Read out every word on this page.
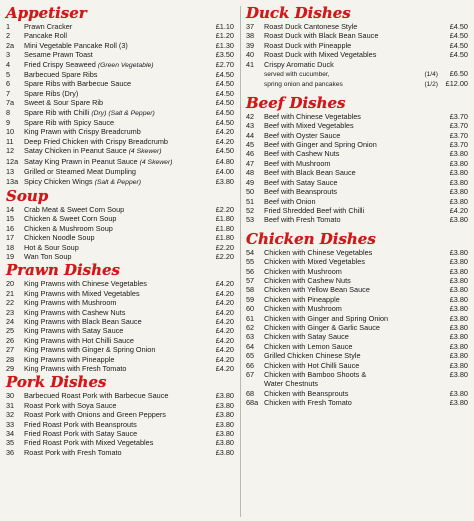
Appetiser
1	Prawn Cracker	£1.10
2	Pancake Roll	£1.20
2a	Mini Vegetable Pancake Roll (3)	£1.30
3	Sesame Prawn Toast	£3.50
4	Fried Crispy Seaweed (Green Vegetable)	£2.70
5	Barbecued Spare Ribs	£4.50
6	Spare Ribs with Barbecue Sauce	£4.50
7	Spare Ribs (Dry)	£4.50
7a	Sweet & Sour Spare Rib	£4.50
8	Spare Rib with Chilli (Dry) (Salt & Pepper)	£4.50
9	Spare Rib with Spicy Sauce	£4.50
10	King Prawn with Crispy Breadcrumb	£4.20
11	Deep Fried Chicken with Crispy Breadcrumb	£4.20
12	Satay Chicken in Peanut Sauce (4 Skewer)	£4.50
12a Satay King Prawn in Peanut Sauce (4 Skewer)	£4.80
13	Grilled or Steamed Meat Dumpling	£4.00
13a Spicy Chicken Wings (Salt & Pepper)	£3.80
Soup
14	Crab Meat & Sweet Corn Soup	£2.20
15	Chicken & Sweet Corn Soup	£1.80
16	Chicken & Mushroom Soup	£1.80
17	Chicken Noodle Soup	£1.80
18	Hot & Sour Soup	£2.20
19	Wan Ton Soup	£2.20
Prawn Dishes
20	King Prawns with Chinese Vegetables	£4.20
21	King Prawns with Mixed Vegetables	£4.20
22	King Prawns with Mushroom	£4.20
23	King Prawns with Cashew Nuts	£4.20
24	King Prawns with Black Bean Sauce	£4.20
25	King Prawns with Satay Sauce	£4.20
26	King Prawns with Hot Chilli Sauce	£4.20
27	King Prawns with Ginger & Spring Onion	£4.20
28	King Prawns with Pineapple	£4.20
29	King Prawns with Fresh Tomato	£4.20
Pork Dishes
30	Barbecued Roast Pork with Barbecue Sauce	£3.80
31	Roast Pork with Soya Sauce	£3.80
32	Roast Pork with Onions and Green Peppers	£3.80
33	Fried Roast Pork with Beansprouts	£3.80
34	Fried Roast Pork with Satay Sauce	£3.80
35	Fried Roast Pork with Mixed Vegetables	£3.80
36	Roast Pork with Fresh Tomato	£3.80
Duck Dishes
37	Roast Duck Cantonese Style	£4.50
38	Roast Duck with Black Bean Sauce	£4.50
39	Roast Duck with Pineapple	£4.50
40	Roast Duck with Mixed Vegetables	£4.50
41	Crispy Aromatic Duck
served with cucumber,	(1/4)	£6.50
spring onion and pancakes	(1/2)	£12.00
Beef Dishes
42	Beef with Chinese Vegetables	£3.70
43	Beef with Mixed Vegetables	£3.70
44	Beef with Oyster Sauce	£3.70
45	Beef with Ginger and Spring Onion	£3.70
46	Beef with Cashew Nuts	£3.80
47	Beef with Mushroom	£3.80
48	Beef with Black Bean Sauce	£3.80
49	Beef with Satay Sauce	£3.80
50	Beef with Beansprouts	£3.80
51	Beef with Onion	£3.80
52	Fried Shredded Beef with Chilli	£4.20
53	Beef with Fresh Tomato	£3.80
Chicken Dishes
54	Chicken with Chinese Vegetables	£3.80
55	Chicken with Mixed Vegetables	£3.80
56	Chicken with Mushroom	£3.80
57	Chicken with Cashew Nuts	£3.80
58	Chicken with Yellow Bean Sauce	£3.80
59	Chicken with Pineapple	£3.80
60	Chicken with Mushroom	£3.80
61	Chicken with Ginger and Spring Onion	£3.80
62	Chicken with Ginger & Garlic Sauce	£3.80
63	Chicken with Satay Sauce	£3.80
64	Chicken with Lemon Sauce	£3.80
65	Grilled Chicken Chinese Style	£3.80
66	Chicken with Hot Chilli Sauce	£3.80
67	Chicken with Bamboo Shoots &	£3.80
Water Chestnuts
68	Chicken with Beansprouts	£3.80
68a Chicken with Fresh Tomato	£3.80
